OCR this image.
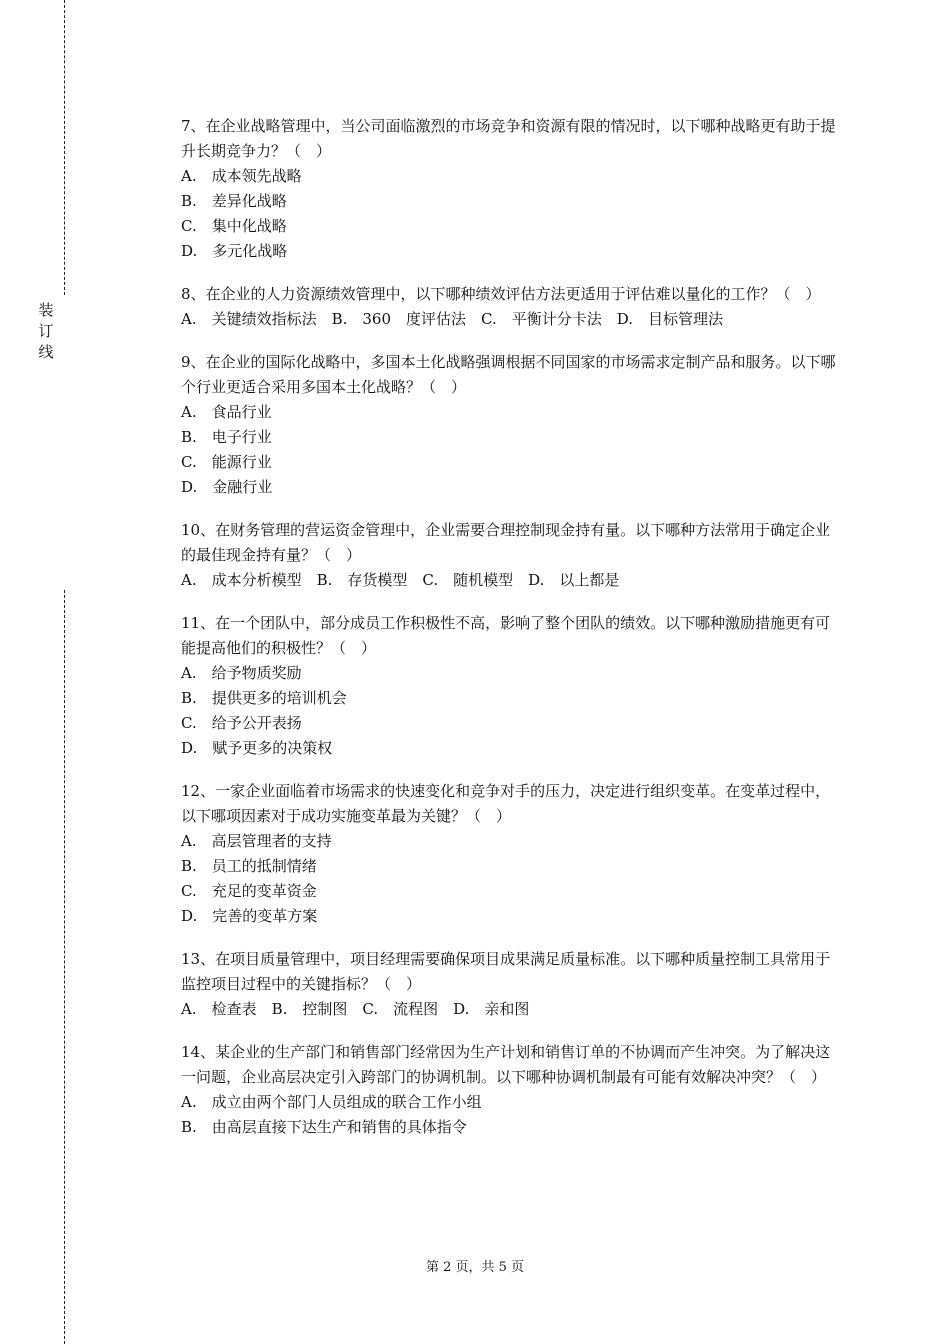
装
订
线

7、在企业战略管理中，当公司面临激烈的市场竞争和资源有限的情况时，以下哪种战略更有助于提升长期竞争力？（　）

A.　成本领先战略

B.　差异化战略

C.　集中化战略

D.　多元化战略

8、在企业的人力资源绩效管理中，以下哪种绩效评估方法更适用于评估难以量化的工作？（　）

A.　关键绩效指标法　B.　360　度评估法　C.　平衡计分卡法　D.　目标管理法

9、在企业的国际化战略中，多国本土化战略强调根据不同国家的市场需求定制产品和服务。以下哪个行业更适合采用多国本土化战略？（　）

A.　食品行业

B.　电子行业

C.　能源行业

D.　金融行业

10、在财务管理的营运资金管理中，企业需要合理控制现金持有量。以下哪种方法常用于确定企业的最佳现金持有量？（　）

A.　成本分析模型　B.　存货模型　C.　随机模型　D.　以上都是

11、在一个团队中，部分成员工作积极性不高，影响了整个团队的绩效。以下哪种激励措施更有可能提高他们的积极性？（　）

A.　给予物质奖励

B.　提供更多的培训机会

C.　给予公开表扬

D.　赋予更多的决策权

12、一家企业面临着市场需求的快速变化和竞争对手的压力，决定进行组织变革。在变革过程中，以下哪项因素对于成功实施变革最为关键？（　）

A.　高层管理者的支持

B.　员工的抵制情绪

C.　充足的变革资金

D.　完善的变革方案

13、在项目质量管理中，项目经理需要确保项目成果满足质量标准。以下哪种质量控制工具常用于监控项目过程中的关键指标？（　）

A.　检查表　B.　控制图　C.　流程图　D.　亲和图

14、某企业的生产部门和销售部门经常因为生产计划和销售订单的不协调而产生冲突。为了解决这一问题，企业高层决定引入跨部门的协调机制。以下哪种协调机制最有可能有效解决冲突？（　）

A.　成立由两个部门人员组成的联合工作小组

B.　由高层直接下达生产和销售的具体指令

第 2 页，共 5 页
